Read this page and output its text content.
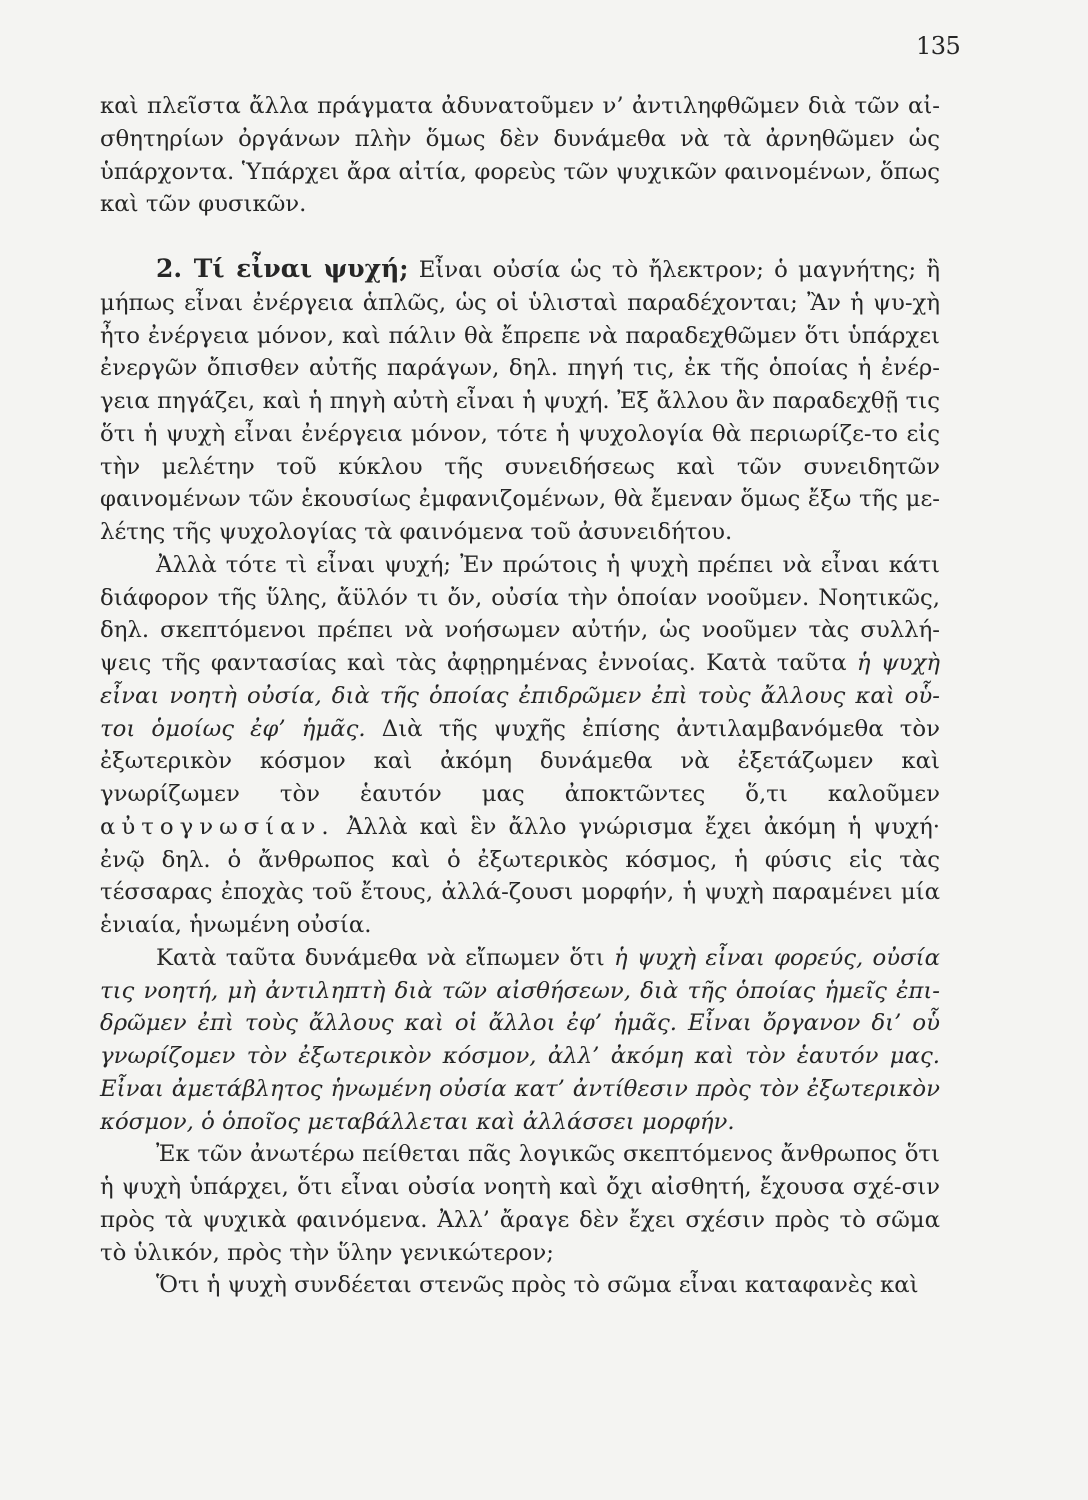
135

καὶ πλεῖστα ἄλλα πράγματα ἀδυνατοῦμεν ν’ ἀντιληφθῶμεν διὰ τῶν αἰ-σθητηρίων ὀργάνων πλὴν ὅμως δὲν δυνάμεθα νὰ τὰ ἀρνηθῶμεν ὡς ὑπάρχοντα. Ὑπάρχει ἄρα αἰτία, φορεὺς τῶν ψυχικῶν φαινομένων, ὅπως καὶ τῶν φυσικῶν.

2. Τί εἶναι ψυχή; Εἶναι οὐσία ὡς τὸ ἤλεκτρον; ὁ μαγνήτης; ἢ μήπως εἶναι ἐνέργεια ἁπλῶς, ὡς οἱ ὑλισταὶ παραδέχονται; Ἂν ἡ ψυ-χὴ ἦτο ἐνέργεια μόνον, καὶ πάλιν θὰ ἔπρεπε νὰ παραδεχθῶμεν ὅτι ὑπάρχει ἐνεργῶν ὄπισθεν αὐτῆς παράγων, δηλ. πηγή τις, ἐκ τῆς ὁποίας ἡ ἐνέρ-γεια πηγάζει, καὶ ἡ πηγὴ αὐτὴ εἶναι ἡ ψυχή. Ἐξ ἄλλου ἂν παραδεχθῇ τις ὅτι ἡ ψυχὴ εἶναι ἐνέργεια μόνον, τότε ἡ ψυχολογία θὰ περιωρίζε-το εἰς τὴν μελέτην τοῦ κύκλου τῆς συνειδήσεως καὶ τῶν συνειδητῶν φαινομένων τῶν ἑκουσίως ἐμφανιζομένων, θὰ ἔμεναν ὅμως ἔξω τῆς με-λέτης τῆς ψυχολογίας τὰ φαινόμενα τοῦ ἀσυνειδήτου.

Ἀλλὰ τότε τὶ εἶναι ψυχή; Ἐν πρώτοις ἡ ψυχὴ πρέπει νὰ εἶναι κάτι διάφορον τῆς ὕλης, ἄϋλόν τι ὄν, οὐσία τὴν ὁποίαν νοοῦμεν. Νοητικῶς, δηλ. σκεπτόμενοι πρέπει νὰ νοήσωμεν αὐτήν, ὡς νοοῦμεν τὰς συλλή-ψεις τῆς φαντασίας καὶ τὰς ἀφῃρημένας ἐννοίας. Κατὰ ταῦτα ἡ ψυχὴ εἶναι νοητὴ οὐσία, διὰ τῆς ὁποίας ἐπιδρῶμεν ἐπὶ τοὺς ἄλλους καὶ οὗ-τοι ὁμοίως ἐφ’ ἡμᾶς. Διὰ τῆς ψυχῆς ἐπίσης ἀντιλαμβανόμεθα τὸν ἐξωτερικὸν κόσμον καὶ ἀκόμη δυνάμεθα νὰ ἐξετάζωμεν καὶ γνωρίζωμεν τὸν ἑαυτόν μας ἀποκτῶντες ὅ,τι καλοῦμεν αὐτογνωσίαν. Ἀλλὰ καὶ ἓν ἄλλο γνώρισμα ἔχει ἀκόμη ἡ ψυχή· ἐνῷ δηλ. ὁ ἄνθρωπος καὶ ὁ ἐξωτερικὸς κόσμος, ἡ φύσις εἰς τὰς τέσσαρας ἐποχὰς τοῦ ἔτους, ἀλλά-ζουσι μορφήν, ἡ ψυχὴ παραμένει μία ἑνιαία, ἡνωμένη οὐσία.

Κατὰ ταῦτα δυνάμεθα νὰ εἴπωμεν ὅτι ἡ ψυχὴ εἶναι φορεύς, οὐσία τις νοητή, μὴ ἀντιληπτὴ διὰ τῶν αἰσθήσεων, διὰ τῆς ὁποίας ἡμεῖς ἐπι-δρῶμεν ἐπὶ τοὺς ἄλλους καὶ οἱ ἄλλοι ἐφ’ ἡμᾶς. Εἶναι ὄργανον δι’ οὗ γνωρίζομεν τὸν ἐξωτερικὸν κόσμον, ἀλλ’ ἀκόμη καὶ τὸν ἑαυτόν μας. Εἶναι ἀμετάβλητος ἡνωμένη οὐσία κατ’ ἀντίθεσιν πρὸς τὸν ἐξωτερικὸν κόσμον, ὁ ὁποῖος μεταβάλλεται καὶ ἀλλάσσει μορφήν.

Ἐκ τῶν ἀνωτέρω πείθεται πᾶς λογικῶς σκεπτόμενος ἄνθρωπος ὅτι ἡ ψυχὴ ὑπάρχει, ὅτι εἶναι οὐσία νοητὴ καὶ ὄχι αἰσθητή, ἔχουσα σχέ-σιν πρὸς τὰ ψυχικὰ φαινόμενα. Ἀλλ’ ἄραγε δὲν ἔχει σχέσιν πρὸς τὸ σῶμα τὸ ὑλικόν, πρὸς τὴν ὕλην γενικώτερον;

Ὅτι ἡ ψυχὴ συνδέεται στενῶς πρὸς τὸ σῶμα εἶναι καταφανὲς καὶ
